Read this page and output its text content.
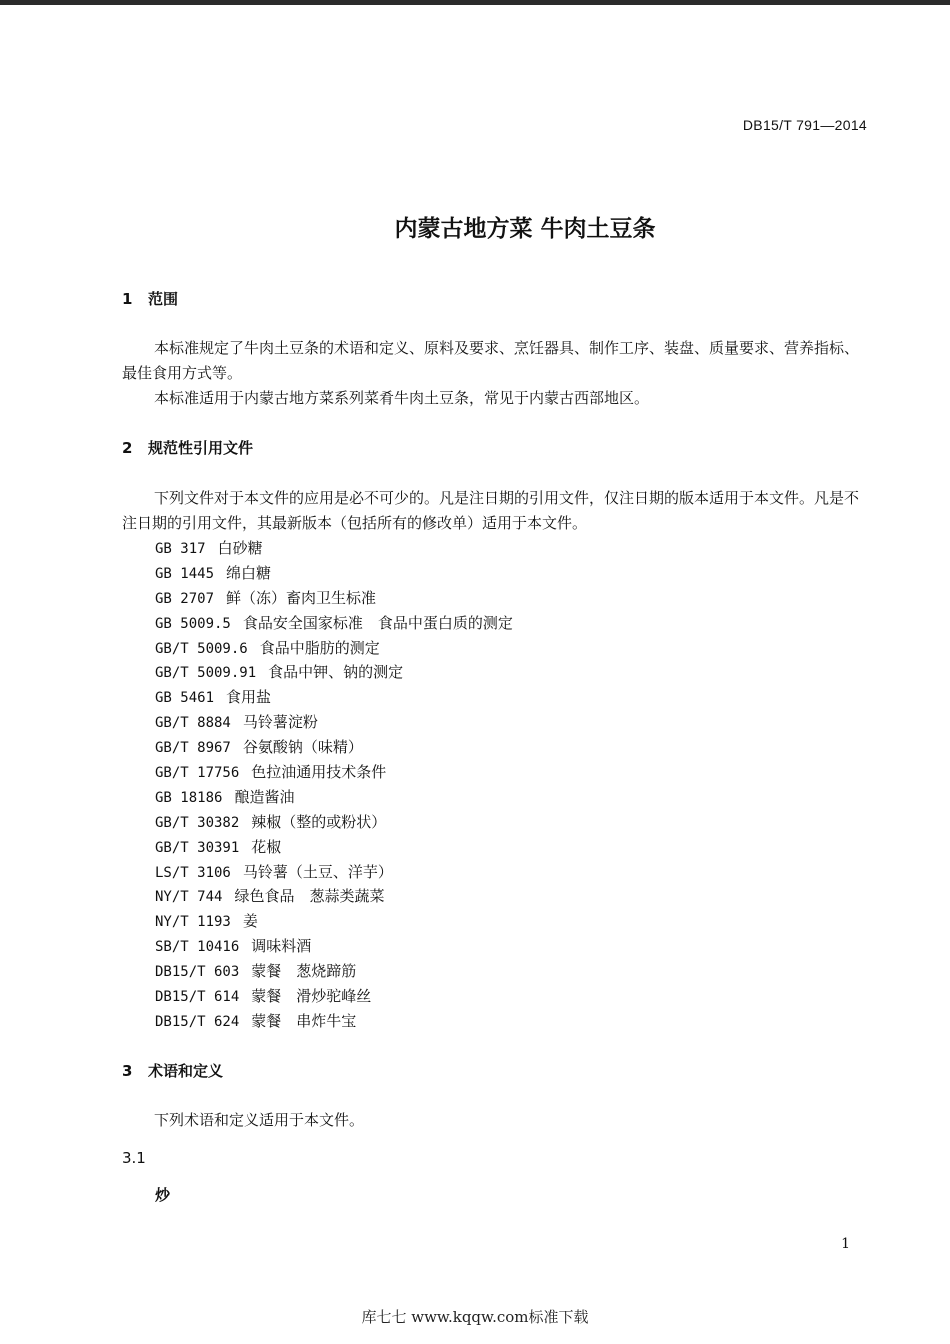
DB15/T 791—2014
内蒙古地方菜 牛肉土豆条
1 范围
本标准规定了牛肉土豆条的术语和定义、原料及要求、烹饪器具、制作工序、装盘、质量要求、营养指标、最佳食用方式等。
本标准适用于内蒙古地方菜系列菜肴牛肉土豆条，常见于内蒙古西部地区。
2 规范性引用文件
下列文件对于本文件的应用是必不可少的。凡是注日期的引用文件，仅注日期的版本适用于本文件。凡是不注日期的引用文件，其最新版本（包括所有的修改单）适用于本文件。
GB 317 白砂糖
GB 1445 绵白糖
GB 2707 鲜（冻）畜肉卫生标准
GB 5009.5 食品安全国家标准　食品中蛋白质的测定
GB/T 5009.6 食品中脂肪的测定
GB/T 5009.91 食品中钾、钠的测定
GB 5461 食用盐
GB/T 8884 马铃薯淀粉
GB/T 8967 谷氨酸钠（味精）
GB/T 17756 色拉油通用技术条件
GB 18186 酿造酱油
GB/T 30382 辣椒（整的或粉状）
GB/T 30391 花椒
LS/T 3106 马铃薯（土豆、洋芋）
NY/T 744 绿色食品　葱蒜类蔬菜
NY/T 1193 姜
SB/T 10416 调味料酒
DB15/T 603 蒙餐　葱烧蹄筋
DB15/T 614 蒙餐　滑炒驼峰丝
DB15/T 624 蒙餐　串炸牛宝
3 术语和定义
下列术语和定义适用于本文件。
3.1
炒
1
库七七 www.kqqw.com标准下载
